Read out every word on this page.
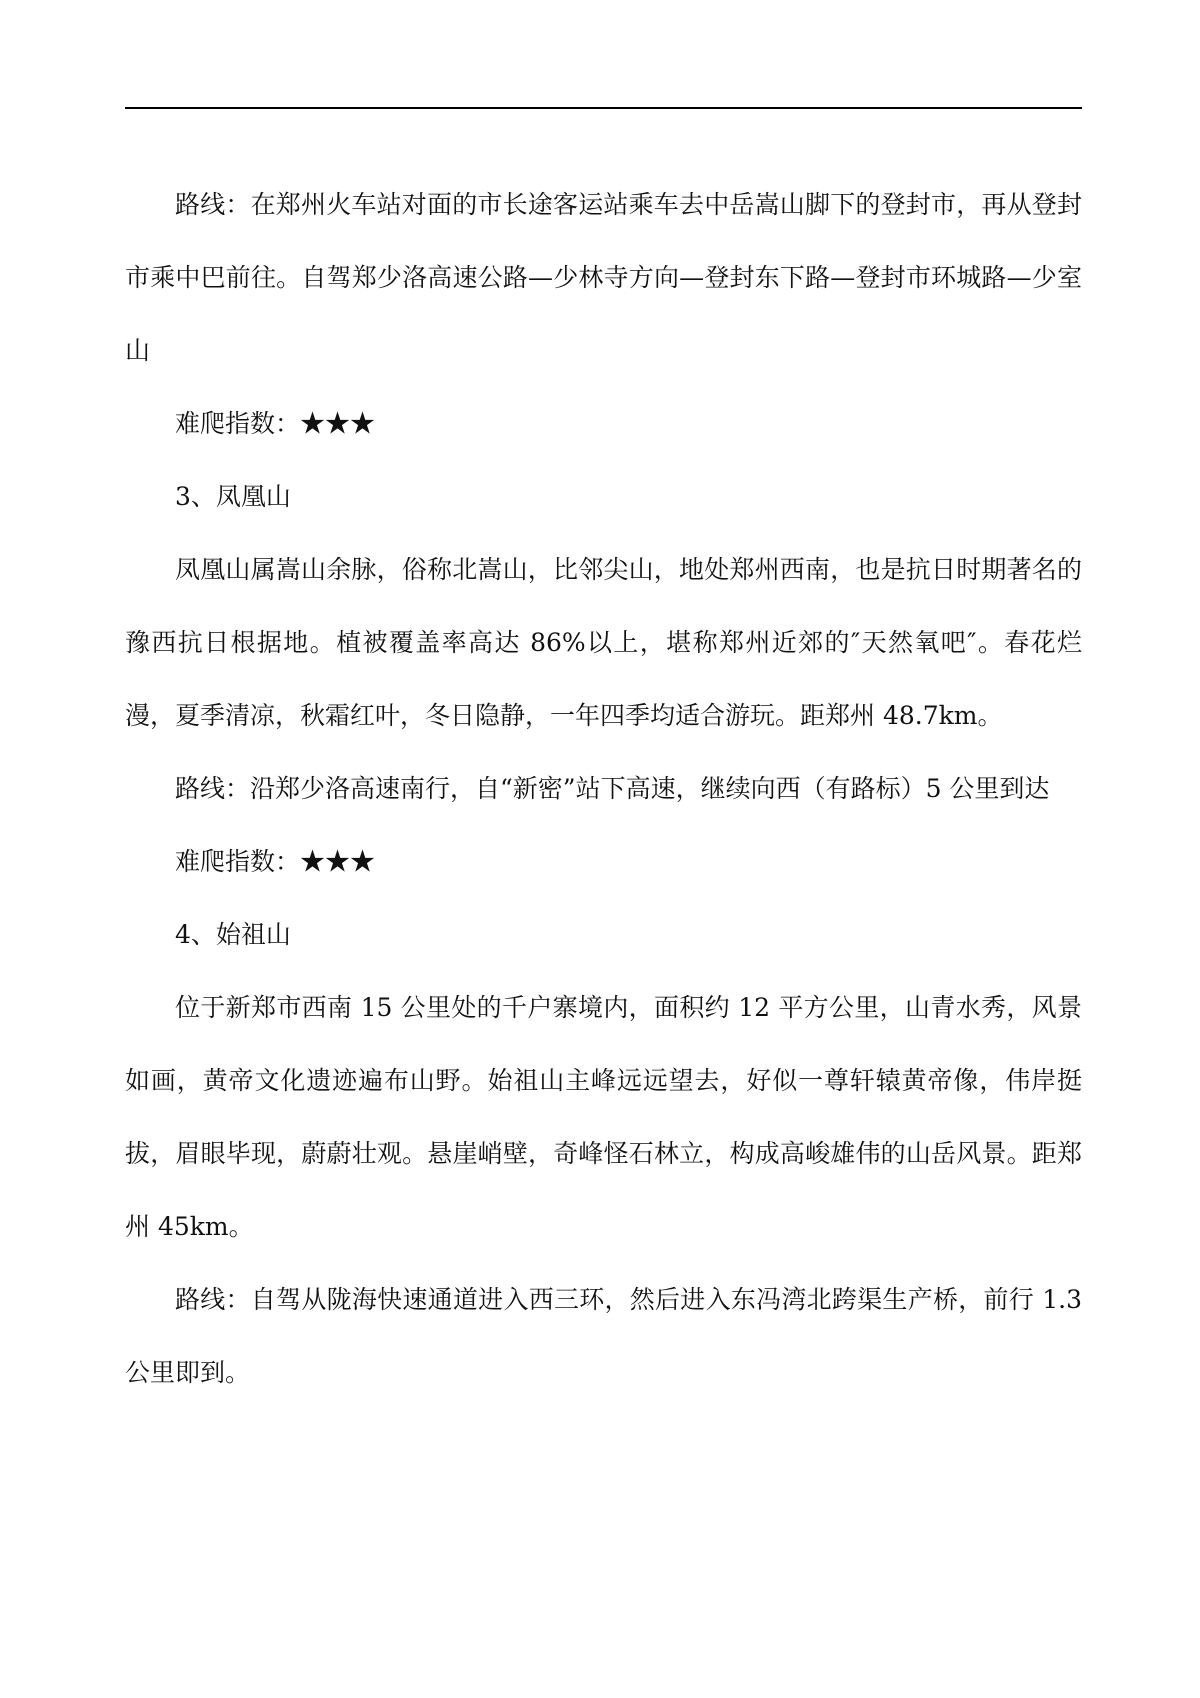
路线：在郑州火车站对面的市长途客运站乘车去中岳嵩山脚下的登封市，再从登封市乘中巴前往。自驾郑少洛高速公路—少林寺方向—登封东下路—登封市环城路—少室山

难爬指数：★★★

3、凤凰山

凤凰山属嵩山余脉，俗称北嵩山，比邻尖山，地处郑州西南，也是抗日时期著名的豫西抗日根据地。植被覆盖率高达 86%以上，堪称郑州近郊的″天然氧吧″。春花烂漫，夏季清凉，秋霜红叶，冬日隐静，一年四季均适合游玩。距郑州 48.7km。

路线：沿郑少洛高速南行，自“新密”站下高速，继续向西（有路标）5 公里到达

难爬指数：★★★

4、始祖山

位于新郑市西南 15 公里处的千户寨境内，面积约 12 平方公里，山青水秀，风景如画，黄帝文化遗迹遍布山野。始祖山主峰远远望去，好似一尊轩辕黄帝像，伟岸挺拔，眉眼毕现，蔚蔚壮观。悬崖峭壁，奇峰怪石林立，构成高峻雄伟的山岳风景。距郑州 45km。

路线：自驾从陇海快速通道进入西三环，然后进入东冯湾北跨渠生产桥，前行 1.3 公里即到。
